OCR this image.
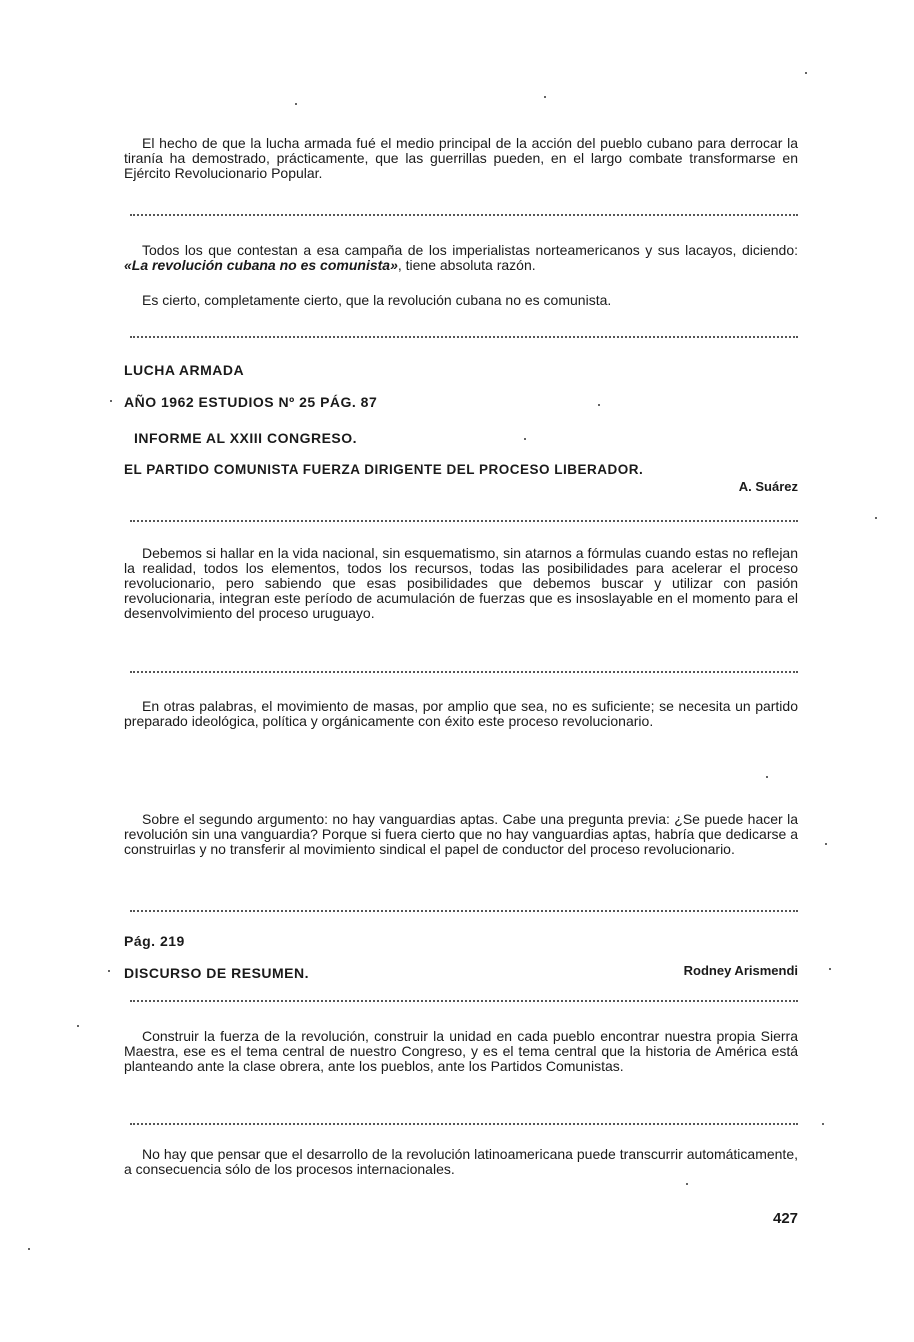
El hecho de que la lucha armada fué el medio principal de la acción del pueblo cubano para derrocar la tiranía ha demostrado, prácticamente, que las guerrillas pueden, en el largo combate transformarse en Ejército Revolucionario Popular.

Todos los que contestan a esa campaña de los imperialistas norteamericanos y sus lacayos, diciendo: «La revolución cubana no es comunista», tiene absoluta razón.

Es cierto, completamente cierto, que la revolución cubana no es comunista.

LUCHA ARMADA

AÑO 1962 ESTUDIOS Nº 25 PÁG. 87

INFORME AL XXIII CONGRESO.

EL PARTIDO COMUNISTA FUERZA DIRIGENTE DEL PROCESO LIBERADOR.

A. Suárez

Debemos si hallar en la vida nacional, sin esquematismo, sin atarnos a fórmulas cuando estas no reflejan la realidad, todos los elementos, todos los recursos, todas las posibilidades para acelerar el proceso revolucionario, pero sabiendo que esas posibilidades que debemos buscar y utilizar con pasión revolucionaria, integran este período de acumulación de fuerzas que es insoslayable en el momento para el desenvolvimiento del proceso uruguayo.

En otras palabras, el movimiento de masas, por amplio que sea, no es suficiente; se necesita un partido preparado ideológica, política y orgánicamente con éxito este proceso revolucionario.

Sobre el segundo argumento: no hay vanguardias aptas. Cabe una pregunta previa: ¿Se puede hacer la revolución sin una vanguardia? Porque si fuera cierto que no hay vanguardias aptas, habría que dedicarse a construirlas y no transferir al movimiento sindical el papel de conductor del proceso revolucionario.

Pág. 219

DISCURSO DE RESUMEN.	Rodney Arismendi

Construir la fuerza de la revolución, construir la unidad en cada pueblo encontrar nuestra propia Sierra Maestra, ese es el tema central de nuestro Congreso, y es el tema central que la historia de América está planteando ante la clase obrera, ante los pueblos, ante los Partidos Comunistas.

No hay que pensar que el desarrollo de la revolución latinoamericana puede transcurrir automáticamente, a consecuencia sólo de los procesos internacionales.

427
